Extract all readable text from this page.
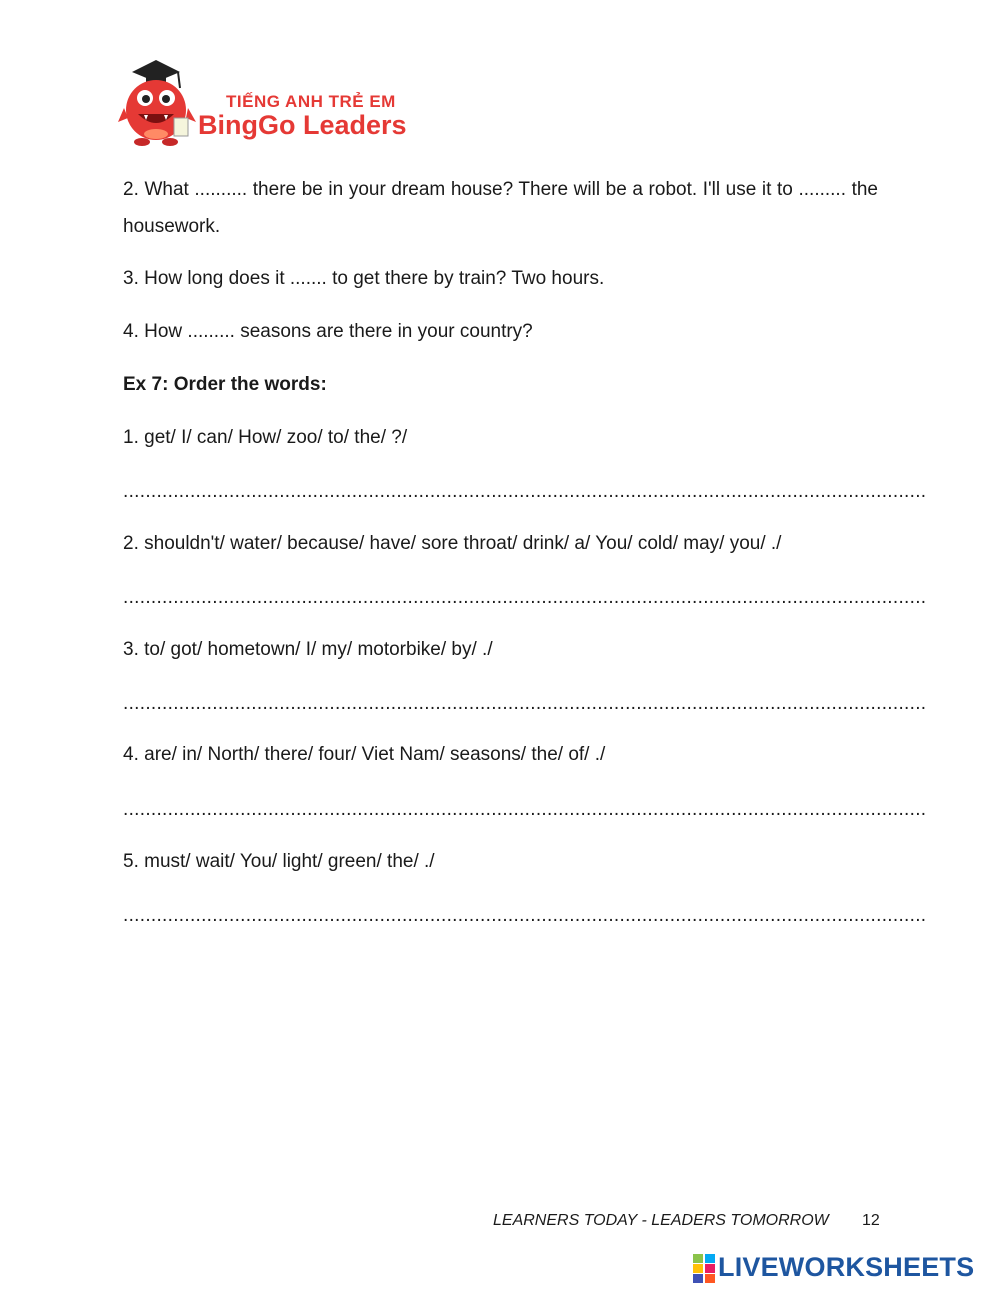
TIẾNG ANH TRẺ EM
BingGo Leaders
2. What .......... there be in your dream house? There will be a robot. I'll use it to ......... the housework.
3. How long does it ....... to get there by train? Two hours.
4. How ......... seasons are there in your country?
Ex 7: Order the words:
1. get/ I/ can/ How/ zoo/ to/ the/ ?/
................................................................................................................................................
2. shouldn't/ water/ because/ have/ sore throat/ drink/ a/ You/ cold/ may/ you/ ./
................................................................................................................................................
3. to/ got/ hometown/ I/ my/ motorbike/ by/ ./
................................................................................................................................................
4. are/ in/ North/ there/ four/ Viet Nam/ seasons/ the/ of/ ./
................................................................................................................................................
5. must/ wait/ You/ light/ green/ the/ ./
................................................................................................................................................
LEARNERS TODAY - LEADERS TOMORROW 12
LIVEWORKSHEETS
